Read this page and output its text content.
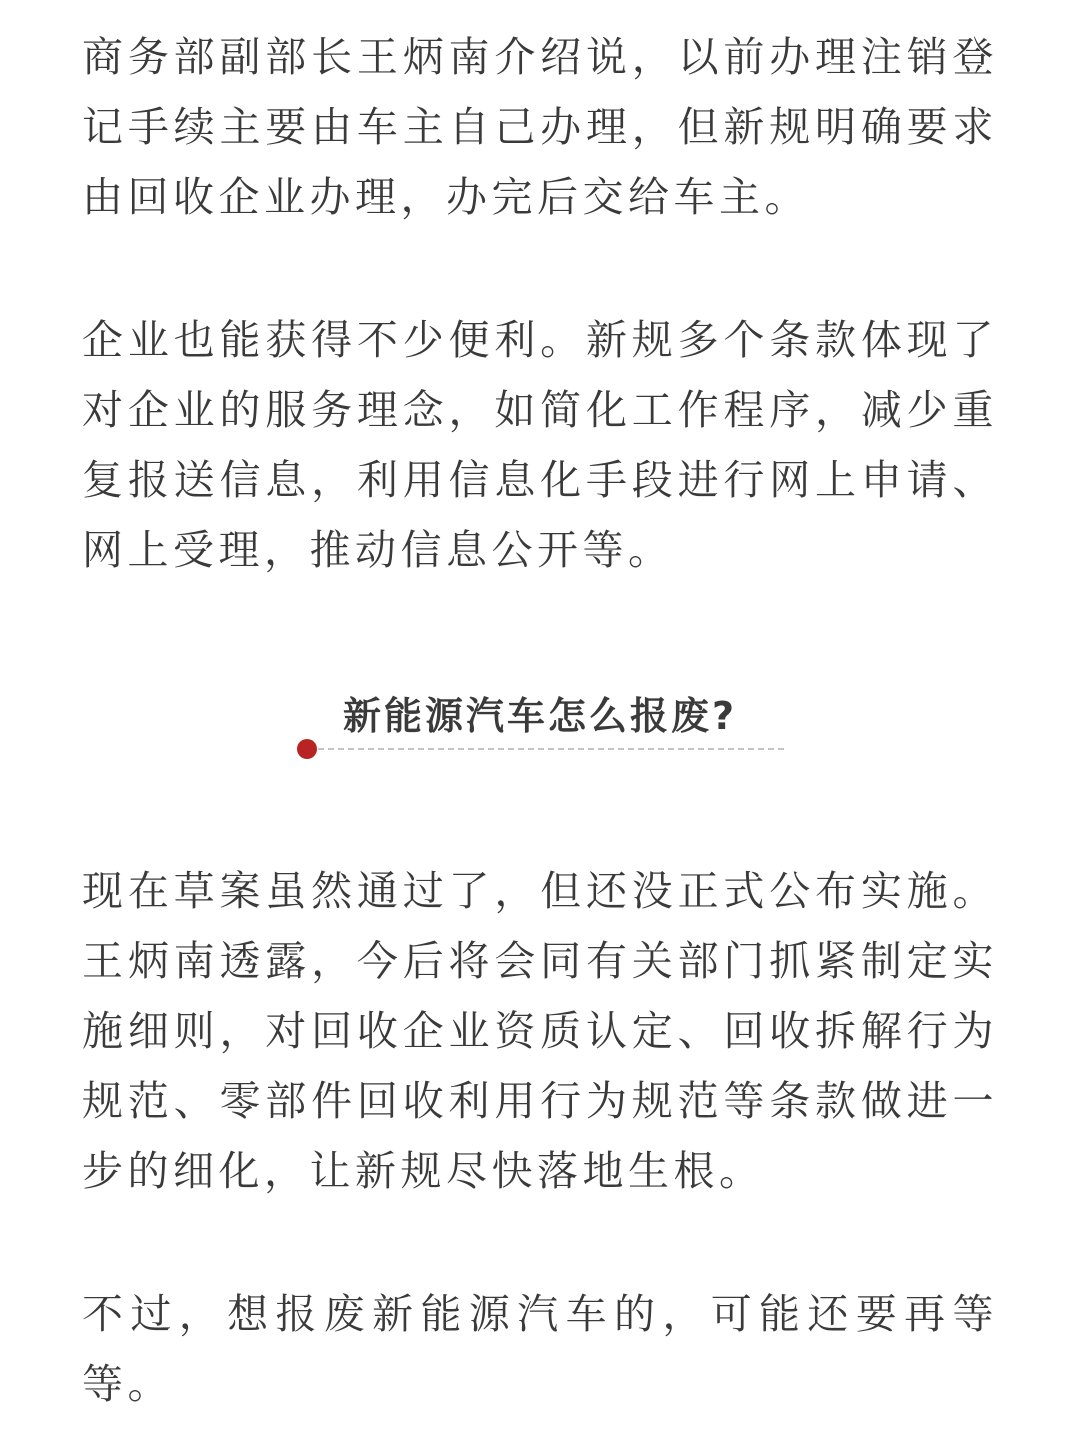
商务部副部长王炳南介绍说，以前办理注销登记手续主要由车主自己办理，但新规明确要求由回收企业办理，办完后交给车主。

企业也能获得不少便利。新规多个条款体现了对企业的服务理念，如简化工作程序，减少重复报送信息，利用信息化手段进行网上申请、网上受理，推动信息公开等。

新能源汽车怎么报废?

现在草案虽然通过了，但还没正式公布实施。王炳南透露，今后将会同有关部门抓紧制定实施细则，对回收企业资质认定、回收拆解行为规范、零部件回收利用行为规范等条款做进一步的细化，让新规尽快落地生根。

不过，想报废新能源汽车的，可能还要再等等。
